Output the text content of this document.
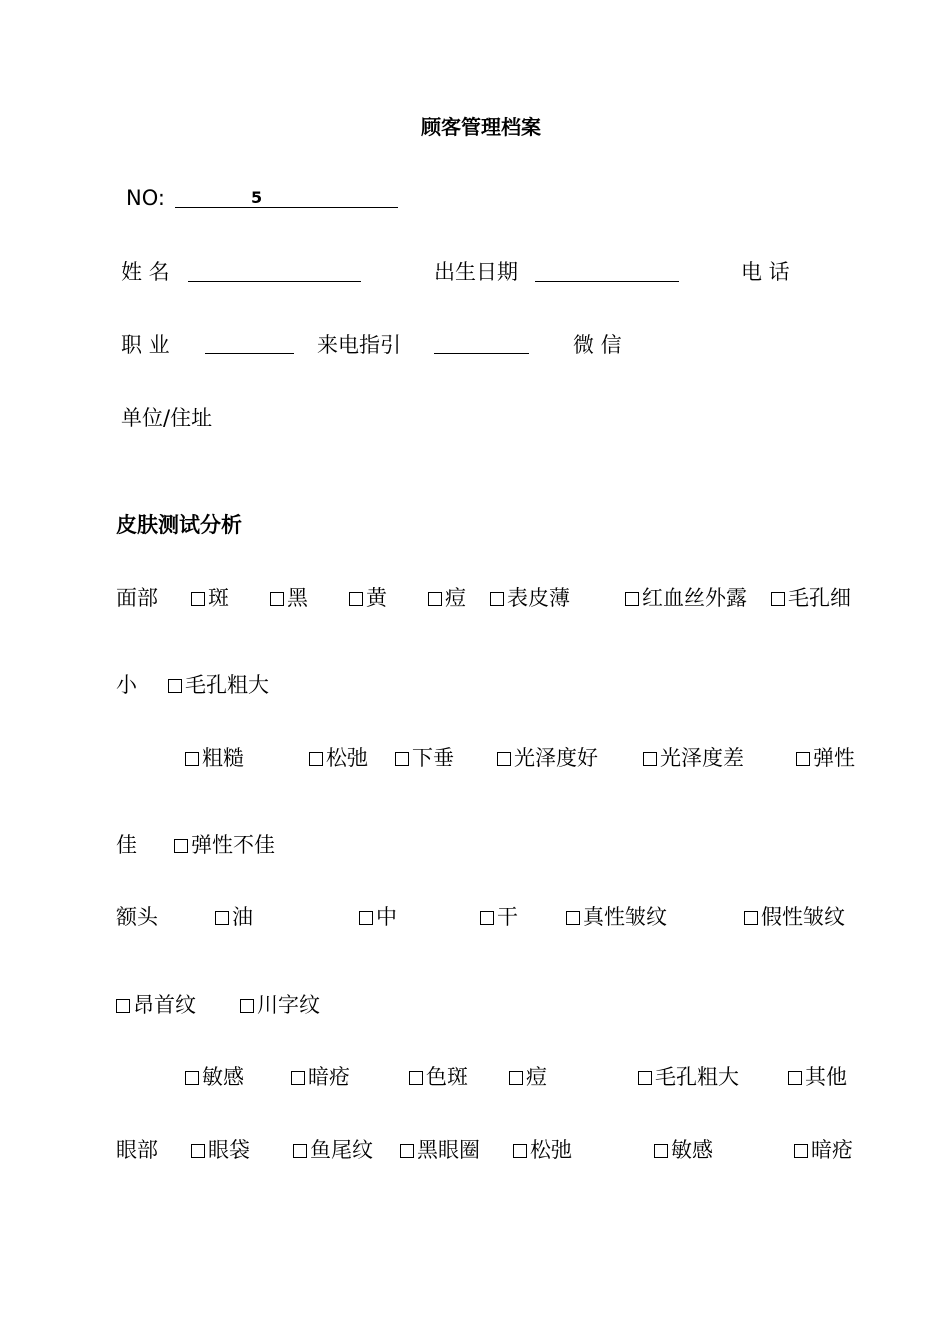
顾客管理档案
NO:	5
姓 名	出生日期	电 话
职 业	来电指引	微 信
单位/住址
皮肤测试分析
面部	斑	黑	黄	痘	表皮薄	红血丝外露	毛孔细
小	毛孔粗大
粗糙	松弛	下垂	光泽度好	光泽度差	弹性
佳	弹性不佳
额头	油	中	干	真性皱纹	假性皱纹
昂首纹	川字纹
敏感	暗疮	色斑	痘	毛孔粗大	其他
眼部	眼袋	鱼尾纹	黑眼圈	松弛	敏感	暗疮
